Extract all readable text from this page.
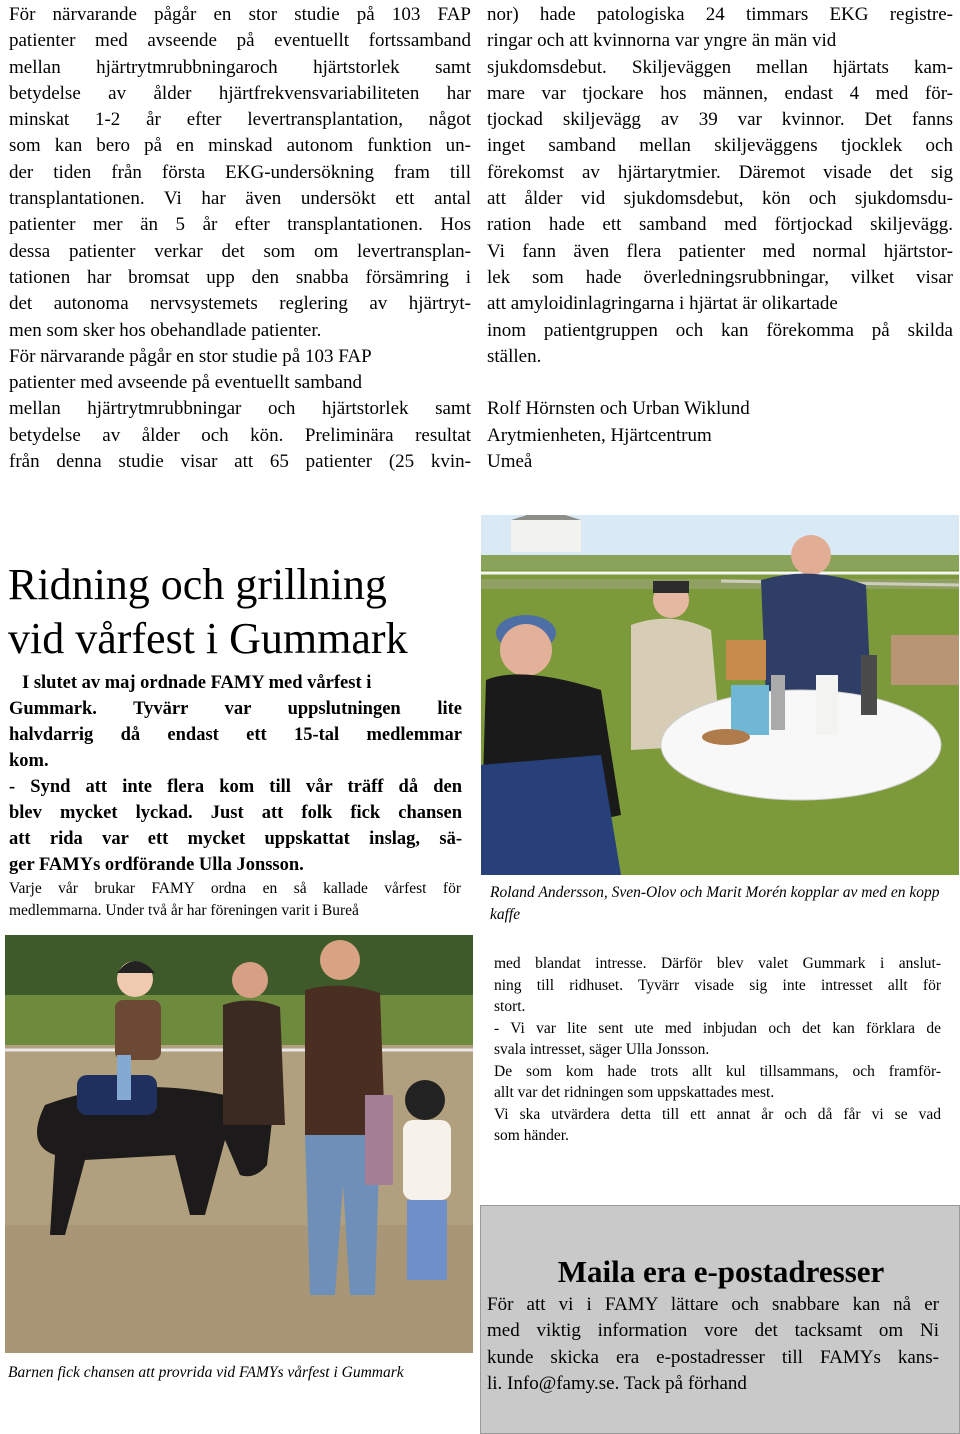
För närvarande pågår en stor studie på 103 FAP
patienter med avseende på eventuellt fortssamband
mellan hjärtrytmrubbningaroch hjärtstorlek samt
betydelse av ålder hjärtfrekvensvariabiliteten har
minskat 1-2 år efter levertransplantation, något
som kan bero på en minskad autonom funktion un-
der tiden från första EKG-undersökning fram till
transplantationen. Vi har även undersökt ett antal
patienter mer än 5 år efter transplantationen. Hos
dessa patienter verkar det som om levertransplan-
tationen har bromsat upp den snabba försämring i
det autonoma nervsystemets reglering av hjärtryt-
men som sker hos obehandlade patienter.
För närvarande pågår en stor studie på 103 FAP
patienter med avseende på eventuellt samband
mellan hjärtrytmrubbningar och hjärtstorlek samt
betydelse av ålder och kön. Preliminära resultat
från denna studie visar att 65 patienter (25 kvin-
nor) hade patologiska 24 timmars EKG registre-
ringar och att kvinnorna var yngre än män vid
sjukdomsdebut. Skiljeväggen mellan hjärtats kam-
mare var tjockare hos männen, endast 4 med för-
tjockad skiljevägg av 39 var kvinnor. Det fanns
inget samband mellan skiljeväggens tjocklek och
förekomst av hjärtarytmier. Däremot visade det sig
att ålder vid sjukdomsdebut, kön och sjukdomsdu-
ration hade ett samband med förtjockad skiljevägg.
Vi fann även flera patienter med normal hjärtstor-
lek som hade överledningsrubbningar, vilket visar
att amyloidinlagringarna i hjärtat är olikartade
inom patientgruppen och kan förekomma på skilda
ställen.
Rolf Hörnsten och Urban Wiklund
Arytmienheten, Hjärtcentrum
Umeå
Ridning och grillning
vid vårfest i Gummark
I slutet av maj ordnade FAMY med vårfest i
Gummark. Tyvärr var uppslutningen lite
halvdarrig då endast ett 15-tal medlemmar
kom.
- Synd att inte flera kom till vår träff då den
blev mycket lyckad. Just att folk fick chansen
att rida var ett mycket uppskattat inslag, sä-
ger FAMYs ordförande Ulla Jonsson.
Varje vår brukar FAMY ordna en så kallade vårfest för
medlemmarna. Under två år har föreningen varit i Bureå
Roland Andersson, Sven-Olov och Marit Morén kopplar av med en kopp kaffe
med blandat intresse. Därför blev valet Gummark i anslut-
ning till ridhuset. Tyvärr visade sig inte intresset allt för
stort.
- Vi var lite sent ute med inbjudan och det kan förklara de
svala intresset, säger Ulla Jonsson.
De som kom hade trots allt kul tillsammans, och framför-
allt var det ridningen som uppskattades mest.
Vi ska utvärdera detta till ett annat år och då får vi se vad
som händer.
Barnen fick chansen att provrida vid FAMYs vårfest i Gummark
Maila era e-postadresser
För att vi i FAMY lättare och snabbare kan nå er
med viktig information vore det tacksamt om Ni
kunde skicka era e-postadresser till FAMYs kans-
li. Info@famy.se. Tack på förhand
